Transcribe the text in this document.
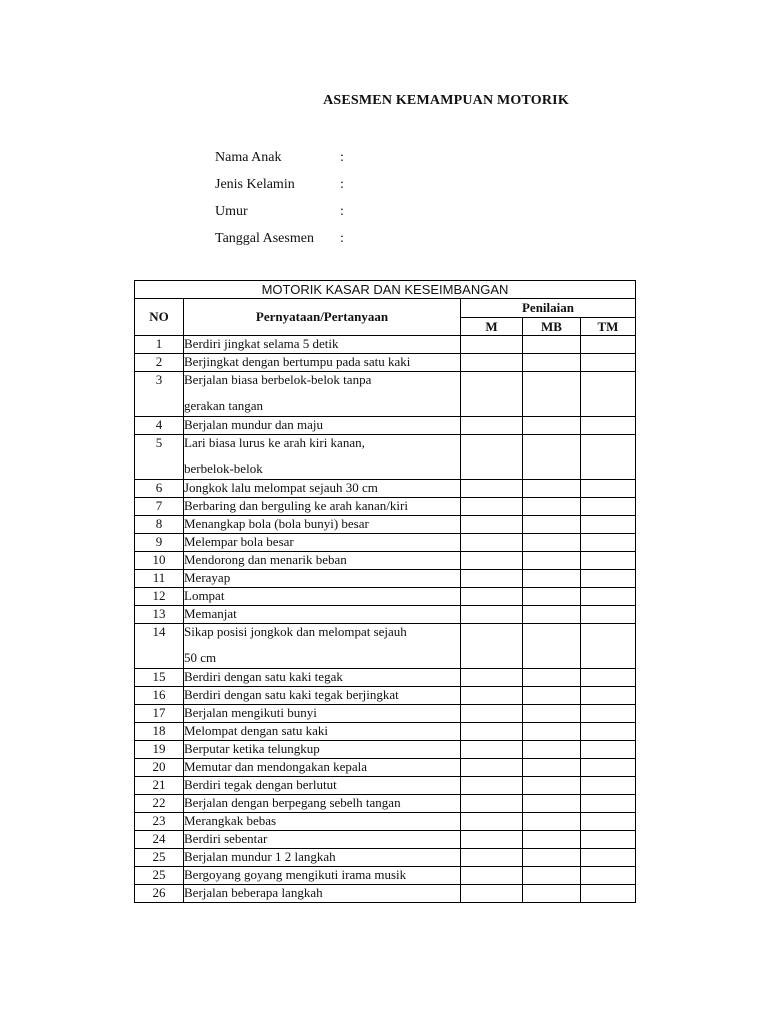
ASESMEN KEMAMPUAN MOTORIK
Nama Anak	:
Jenis Kelamin	:
Umur	:
Tanggal Asesmen	:
MOTORIK KASAR DAN KESEIMBANGAN				
NO	Pernyataan/Pertanyaan	Penilaian		
		M	MB	TM
1	Berdiri jingkat selama 5 detik			
2	Berjingkat dengan bertumpu pada satu kaki			
3	Berjalan biasa berbelok-belok tanpa
gerakan tangan			

4	Berjalan mundur dan maju			
5	Lari biasa lurus ke arah kiri kanan,
berbelok-belok			

6	Jongkok lalu melompat sejauh 30 cm			
7	Berbaring dan berguling ke arah kanan/kiri			
8	Menangkap bola (bola bunyi) besar			
9	Melempar bola besar			
10	Mendorong dan menarik beban			
11	Merayap			
12	Lompat			
13	Memanjat			
14	Sikap posisi jongkok dan melompat sejauh
50 cm			

15	Berdiri dengan satu kaki tegak			
16	Berdiri dengan satu kaki tegak berjingkat			
17	Berjalan mengikuti bunyi			
18	Melompat dengan satu kaki			
19	Berputar ketika telungkup			
20	Memutar dan mendongakan kepala			
21	Berdiri tegak dengan berlutut			
22	Berjalan dengan berpegang sebelh tangan			
23	Merangkak bebas			
24	Berdiri sebentar			
25	Berjalan mundur 1 2 langkah			
25	Bergoyang goyang mengikuti irama musik			
26	Berjalan beberapa langkah			
